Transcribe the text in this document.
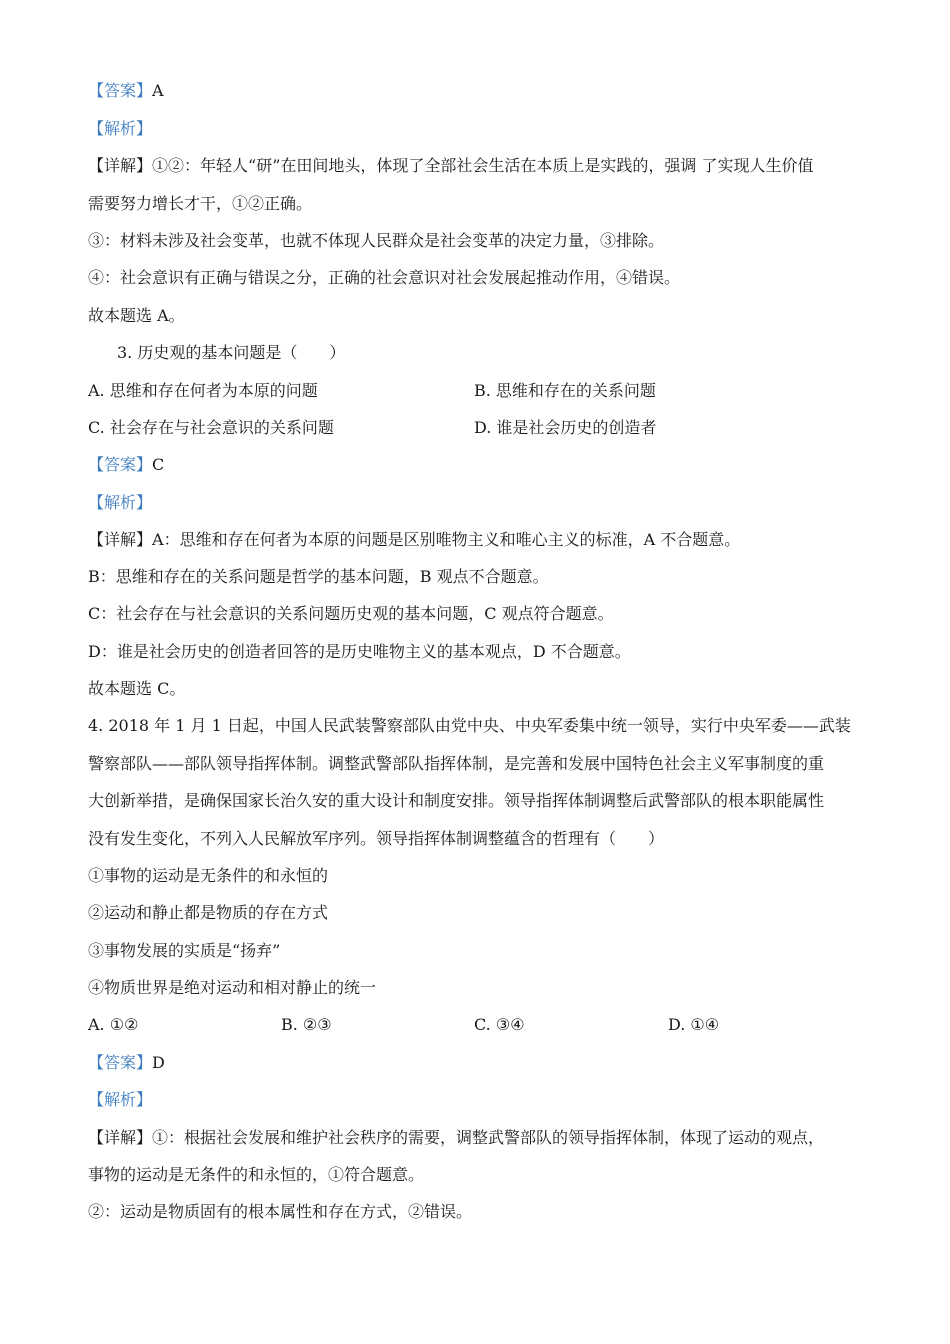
【答案】A
【解析】
【详解】①②：年轻人“研”在田间地头，体现了全部社会生活在本质上是实践的，强调 了实现人生价值
需要努力增长才干，①②正确。
③：材料未涉及社会变革，也就不体现人民群众是社会变革的决定力量，③排除。
④：社会意识有正确与错误之分，正确的社会意识对社会发展起推动作用，④错误。
故本题选 A。
3. 历史观的基本问题是（　　）
A. 思维和存在何者为本原的问题	B. 思维和存在的关系问题
C. 社会存在与社会意识的关系问题	D. 谁是社会历史的创造者
【答案】C
【解析】
【详解】A：思维和存在何者为本原的问题是区别唯物主义和唯心主义的标准，A 不合题意。
B：思维和存在的关系问题是哲学的基本问题，B 观点不合题意。
C：社会存在与社会意识的关系问题历史观的基本问题，C 观点符合题意。
D：谁是社会历史的创造者回答的是历史唯物主义的基本观点，D 不合题意。
故本题选 C。
4. 2018 年 1 月 1 日起，中国人民武装警察部队由党中央、中央军委集中统一领导，实行中央军委——武装
警察部队——部队领导指挥体制。调整武警部队指挥体制，是完善和发展中国特色社会主义军事制度的重
大创新举措，是确保国家长治久安的重大设计和制度安排。领导指挥体制调整后武警部队的根本职能属性
没有发生变化，不列入人民解放军序列。领导指挥体制调整蕴含的哲理有（　　）
①事物的运动是无条件的和永恒的
②运动和静止都是物质的存在方式
③事物发展的实质是“扬弃”
④物质世界是绝对运动和相对静止的统一
A. ①②	B. ②③	C. ③④	D. ①④
【答案】D
【解析】
【详解】①：根据社会发展和维护社会秩序的需要，调整武警部队的领导指挥体制，体现了运动的观点，
事物的运动是无条件的和永恒的，①符合题意。
②：运动是物质固有的根本属性和存在方式，②错误。
